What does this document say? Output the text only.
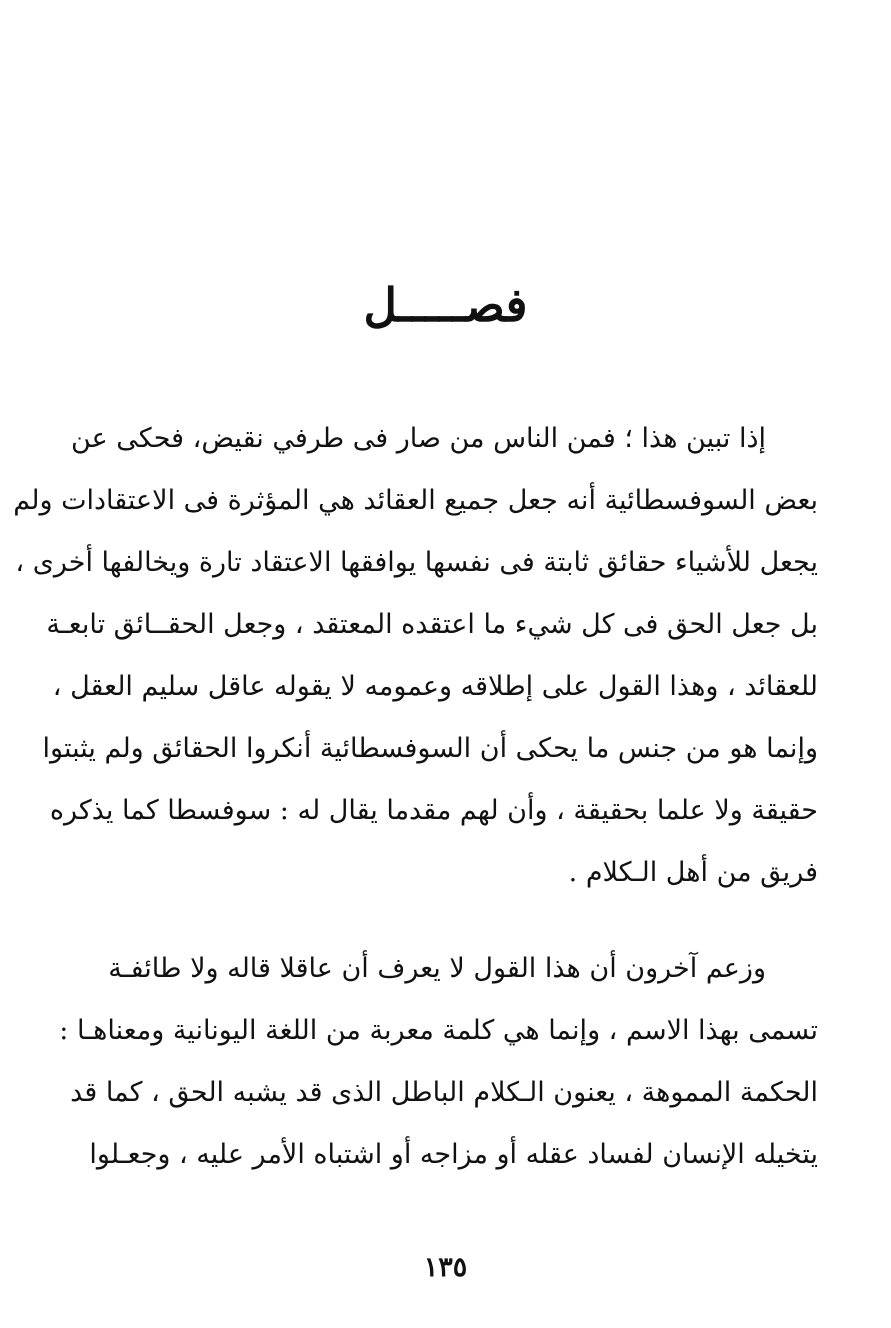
فصـــــل
إذا تبين هذا ؛ فمن الناس من صار فى طرفي نقيض، فحكى عن
بعض السوفسطائية أنه جعل جميع العقائد هي المؤثرة فى الاعتقادات ولم
يجعل للأشياء حقائق ثابتة فى نفسها يوافقها الاعتقاد تارة ويخالفها أخرى ،
بل جعل الحق فى كل شيء ما اعتقده المعتقد ، وجعل الحقــائق تابعـة
للعقائد ، وهذا القول على إطلاقه وعمومه لا يقوله عاقل سليم العقل ،
وإنما هو من جنس ما يحكى أن السوفسطائية أنكروا الحقائق ولم يثبتوا
حقيقة ولا علما بحقيقة ، وأن لهم مقدما يقال له : سوفسطا كما يذكره
فريق من أهل الـكلام .
وزعم آخرون أن هذا القول لا يعرف أن عاقلا قاله ولا طائفـة
تسمى بهذا الاسم ، وإنما هي كلمة معربة من اللغة اليونانية ومعناهـا :
الحكمة المموهة ، يعنون الـكلام الباطل الذى قد يشبه الحق ، كما قد
يتخيله الإنسان لفساد عقله أو مزاجه أو اشتباه الأمر عليه ، وجعـلوا
١٣٥
